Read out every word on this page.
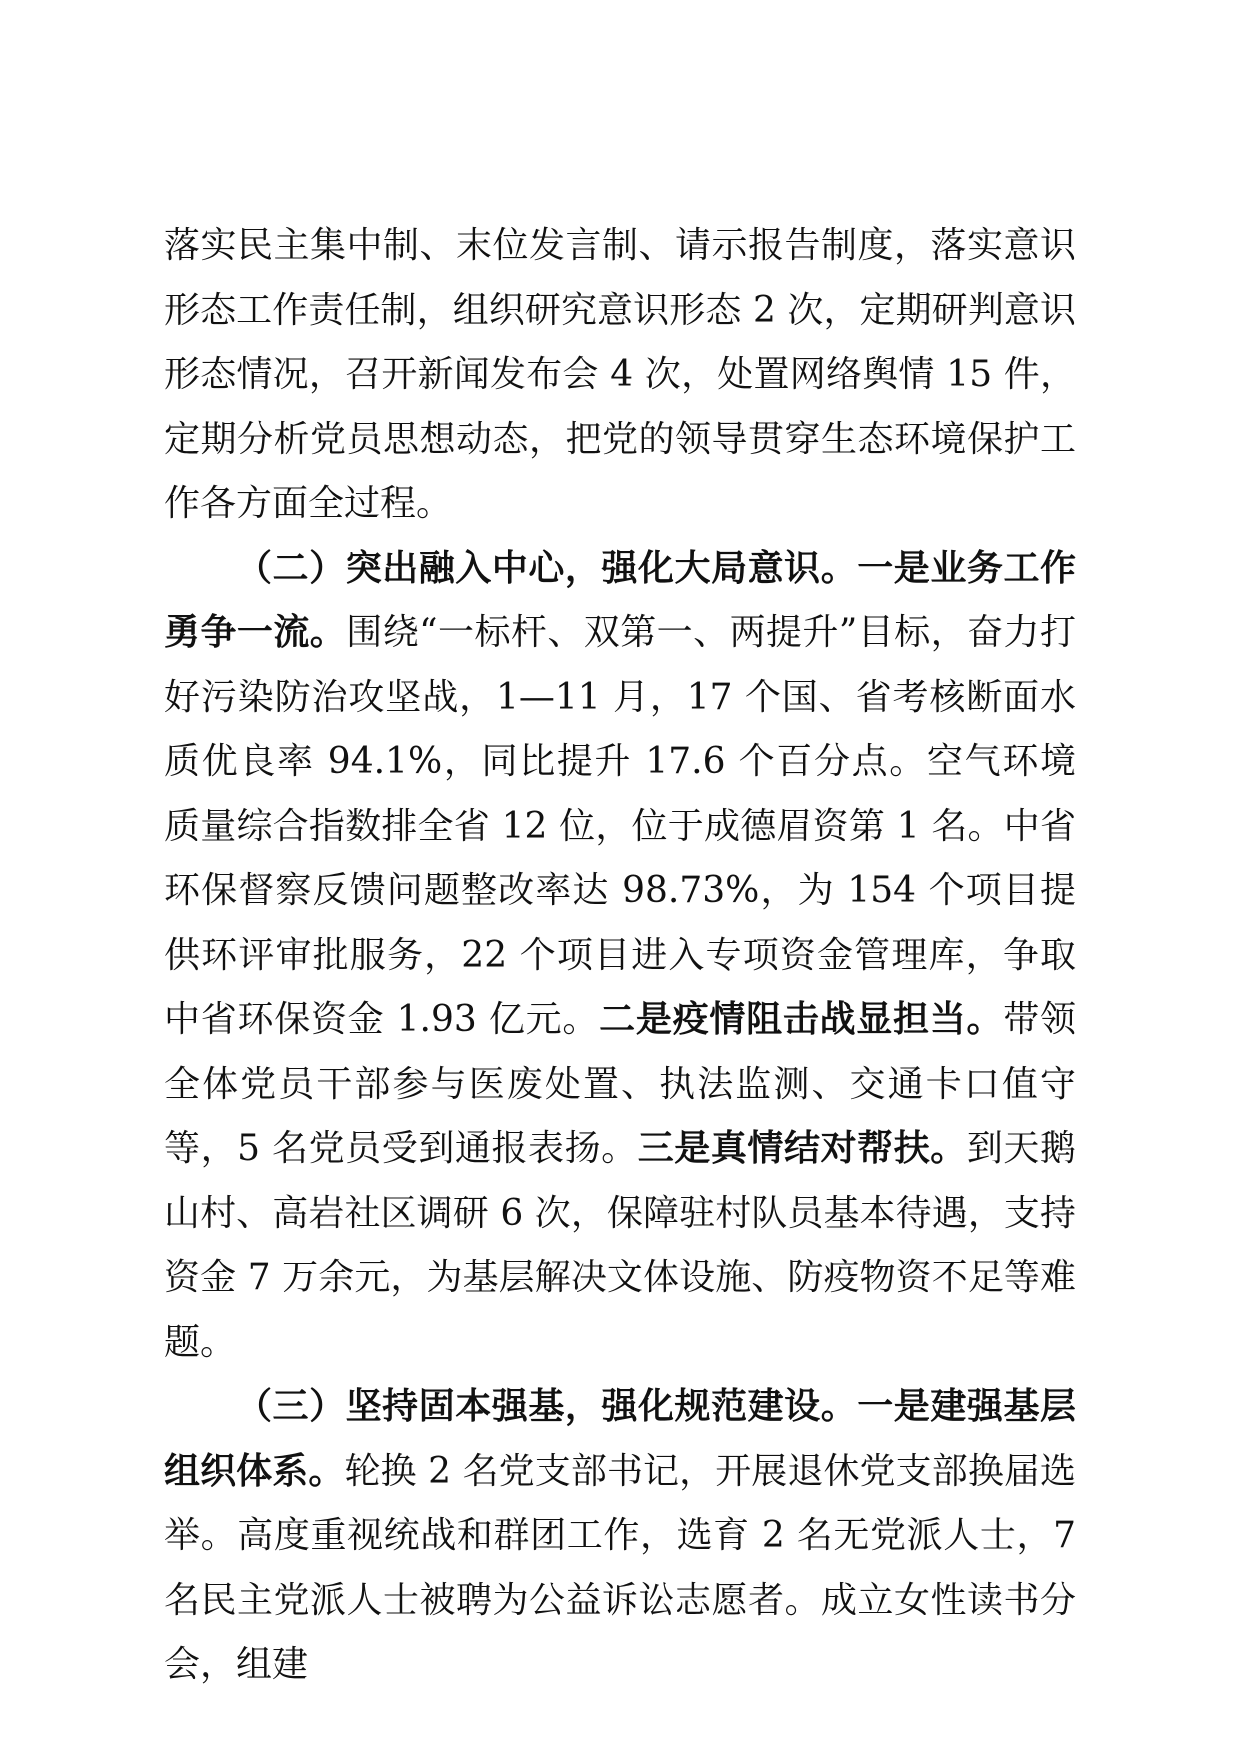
落实民主集中制、末位发言制、请示报告制度，落实意识形态工作责任制，组织研究意识形态 2 次，定期研判意识形态情况，召开新闻发布会 4 次，处置网络舆情 15 件，定期分析党员思想动态，把党的领导贯穿生态环境保护工作各方面全过程。

（二）突出融入中心，强化大局意识。一是业务工作勇争一流。围绕“一标杆、双第一、两提升”目标，奋力打好污染防治攻坚战，1—11 月，17 个国、省考核断面水质优良率 94.1%，同比提升 17.6 个百分点。空气环境质量综合指数排全省 12 位，位于成德眉资第 1 名。中省环保督察反馈问题整改率达 98.73%，为 154 个项目提供环评审批服务，22 个项目进入专项资金管理库，争取中省环保资金 1.93 亿元。二是疫情阻击战显担当。带领全体党员干部参与医废处置、执法监测、交通卡口值守等，5 名党员受到通报表扬。三是真情结对帮扶。到天鹅山村、高岩社区调研 6 次，保障驻村队员基本待遇，支持资金 7 万余元，为基层解决文体设施、防疫物资不足等难题。

（三）坚持固本强基，强化规范建设。一是建强基层组织体系。轮换 2 名党支部书记，开展退休党支部换届选举。高度重视统战和群团工作，选育 2 名无党派人士，7 名民主党派人士被聘为公益诉讼志愿者。成立女性读书分会，组建
